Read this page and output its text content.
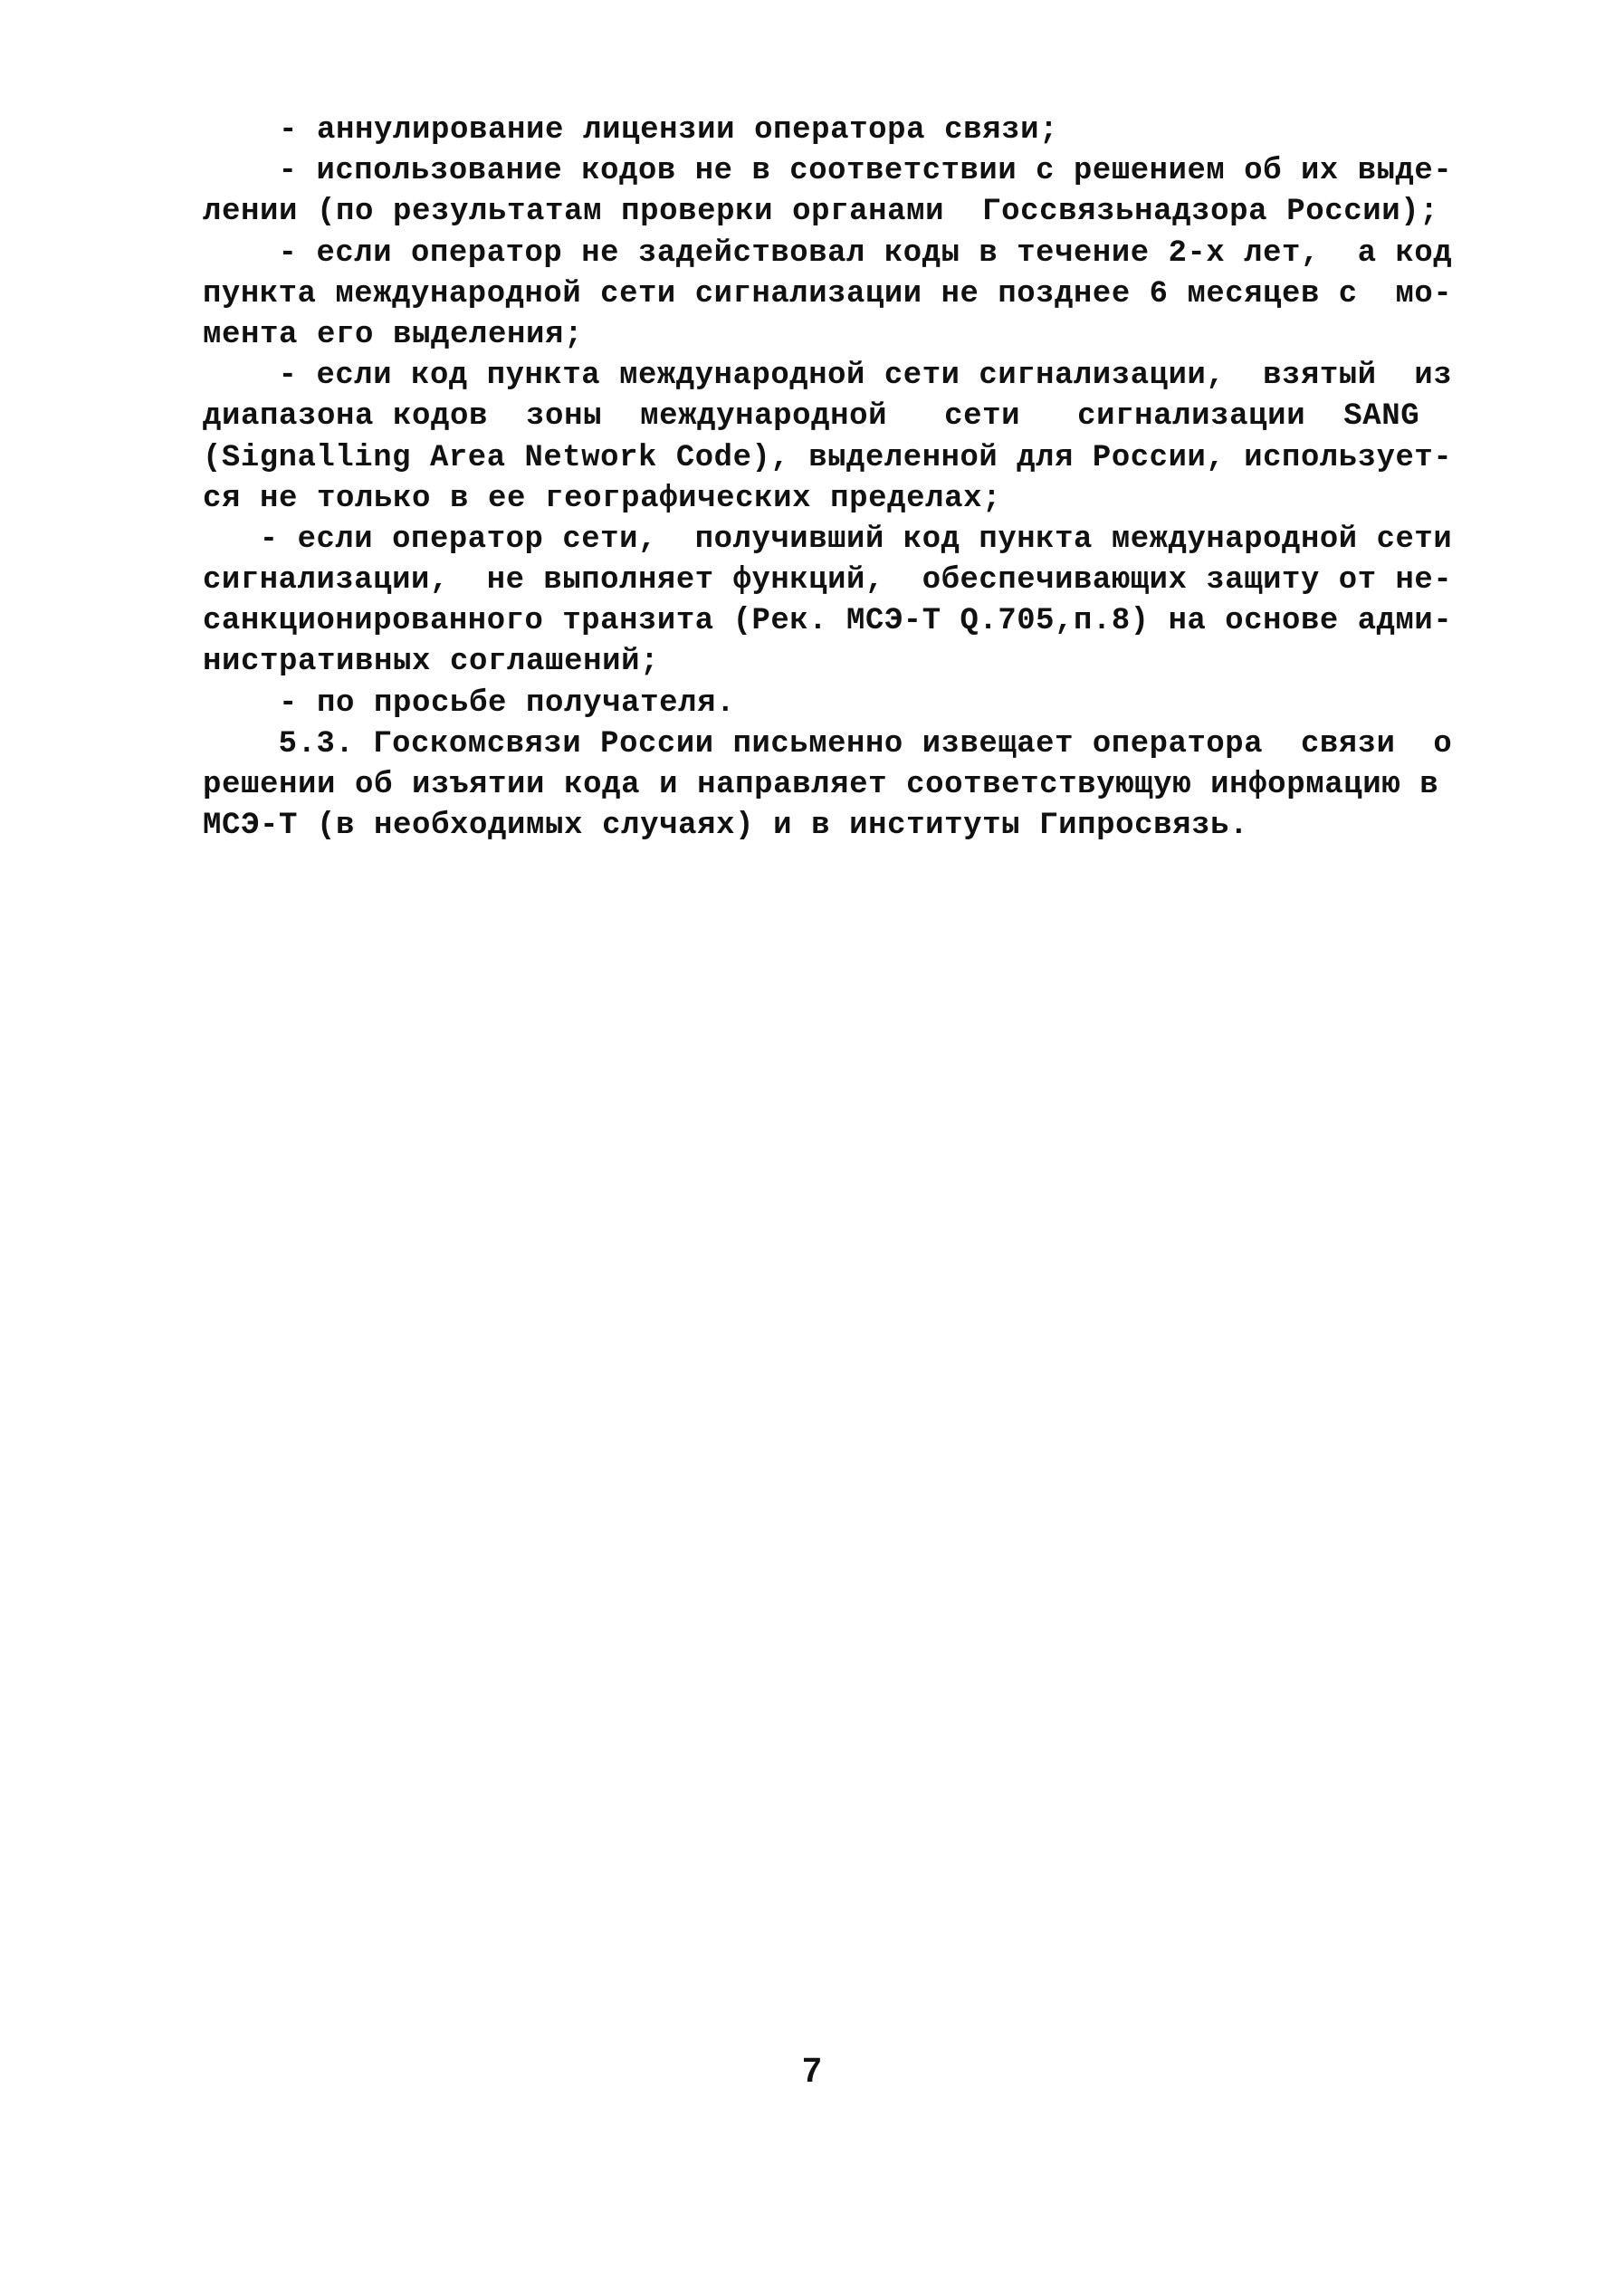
- аннулирование лицензии оператора связи;
- использование кодов не в соответствии с решением об их выде-
лении (по результатам проверки органами  Госсвязьнадзора России);
- если оператор не задействовал коды в течение 2-х лет,  а код
пункта международной сети сигнализации не позднее 6 месяцев с  мо-
мента его выделения;
- если код пункта международной сети сигнализации,  взятый  из
диапазона кодов  зоны  международной   сети   сигнализации  SANG
(Signalling Area Network Code), выделенной для России, используeт-
ся не только в ее географических пределах;
- если оператор сети,  получивший код пункта международной сети
сигнализации,  не выполняет функций,  обеспечивающих защиту от не-
санкционированного транзита (Рек. МСЭ-Т Q.705,п.8) на основе адми-
нистративных соглашений;
- по просьбе получателя.
5.3. Госкомсвязи России письменно извещает оператора  связи  о
решении об изъятии кода и направляет соответствующую информацию в
МСЭ-Т (в необходимых случаях) и в институты Гипросвязь.
7
